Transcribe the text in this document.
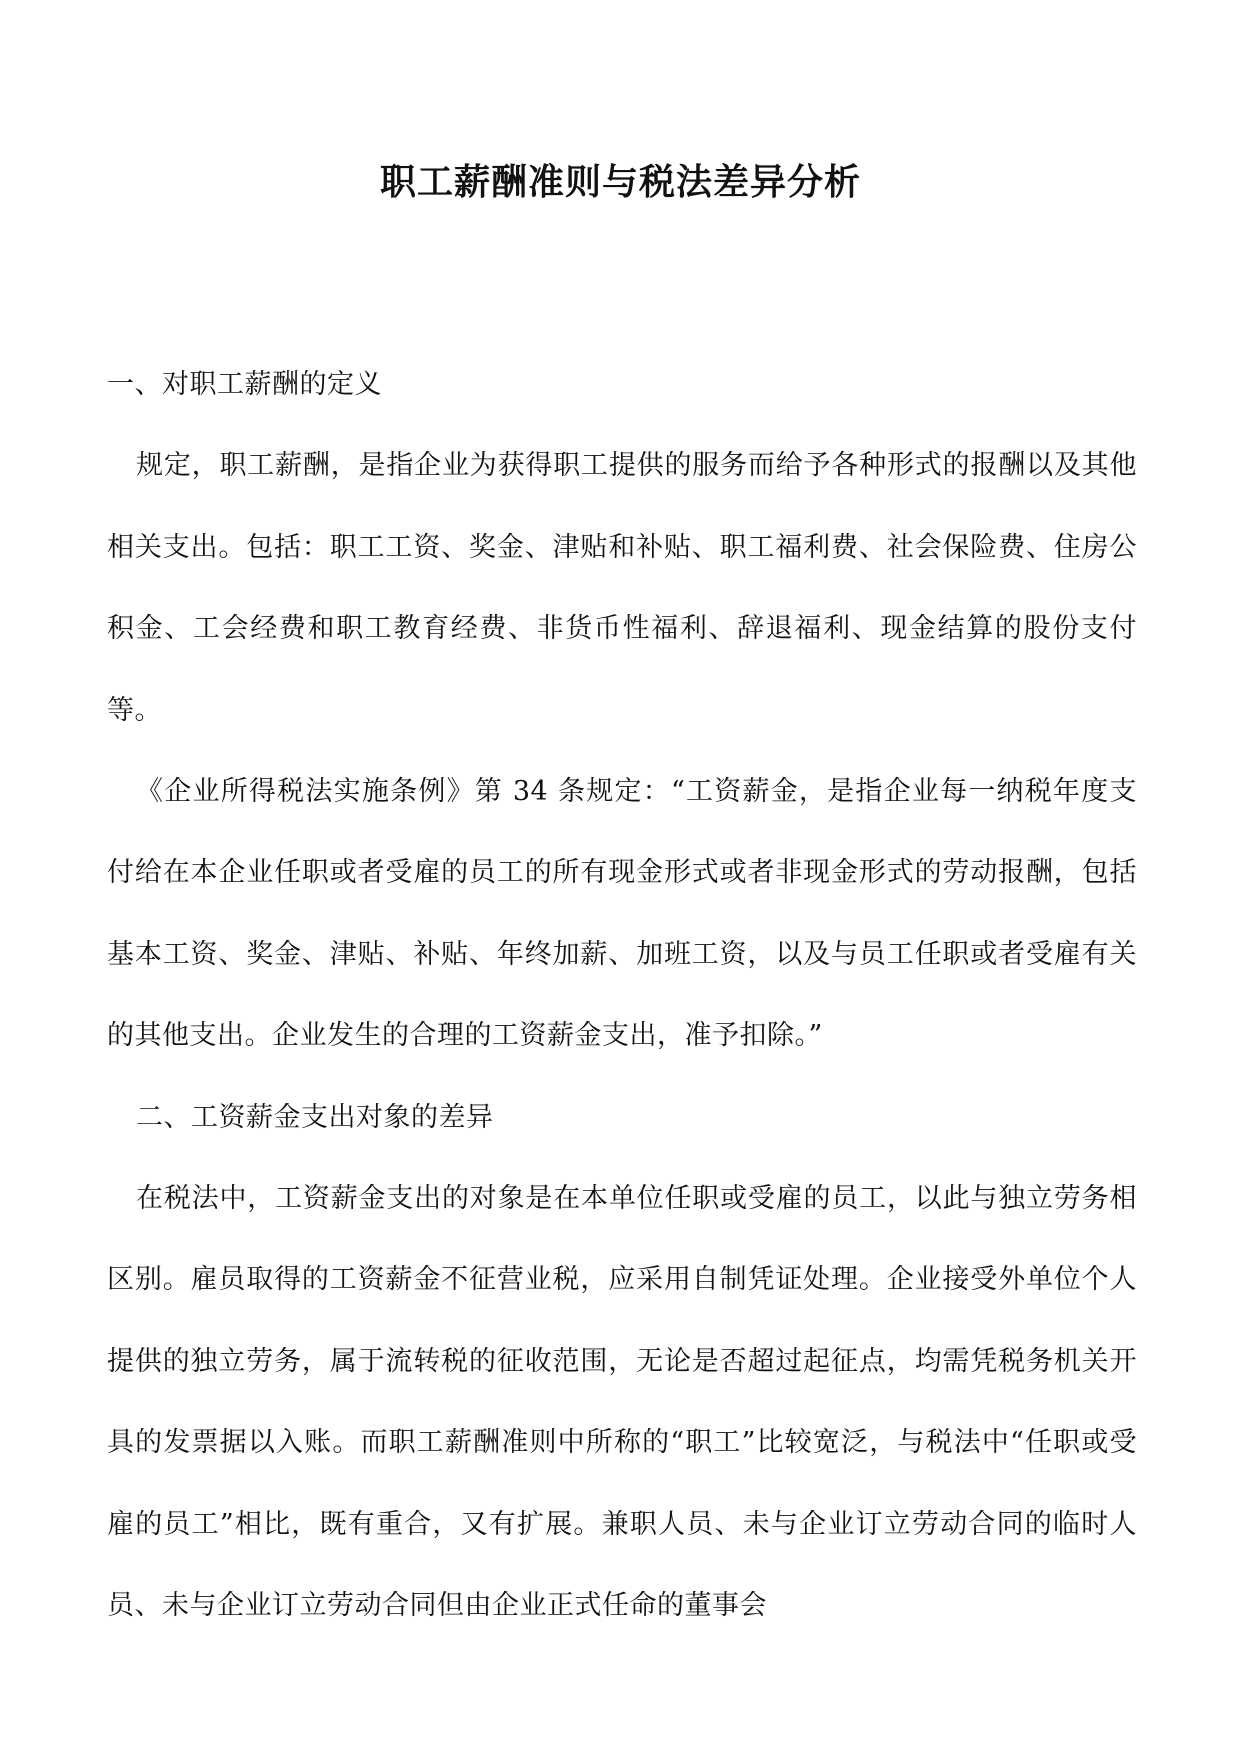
职工薪酬准则与税法差异分析

一、对职工薪酬的定义

规定，职工薪酬，是指企业为获得职工提供的服务而给予各种形式的报酬以及其他相关支出。包括：职工工资、奖金、津贴和补贴、职工福利费、社会保险费、住房公积金、工会经费和职工教育经费、非货币性福利、辞退福利、现金结算的股份支付等。

《企业所得税法实施条例》第 34 条规定：“工资薪金，是指企业每一纳税年度支付给在本企业任职或者受雇的员工的所有现金形式或者非现金形式的劳动报酬，包括基本工资、奖金、津贴、补贴、年终加薪、加班工资，以及与员工任职或者受雇有关的其他支出。企业发生的合理的工资薪金支出，准予扣除。”

二、工资薪金支出对象的差异

在税法中，工资薪金支出的对象是在本单位任职或受雇的员工，以此与独立劳务相区别。雇员取得的工资薪金不征营业税，应采用自制凭证处理。企业接受外单位个人提供的独立劳务，属于流转税的征收范围，无论是否超过起征点，均需凭税务机关开具的发票据以入账。而职工薪酬准则中所称的“职工”比较宽泛，与税法中“任职或受雇的员工”相比，既有重合，又有扩展。兼职人员、未与企业订立劳动合同的临时人员、未与企业订立劳动合同但由企业正式任命的董事会
